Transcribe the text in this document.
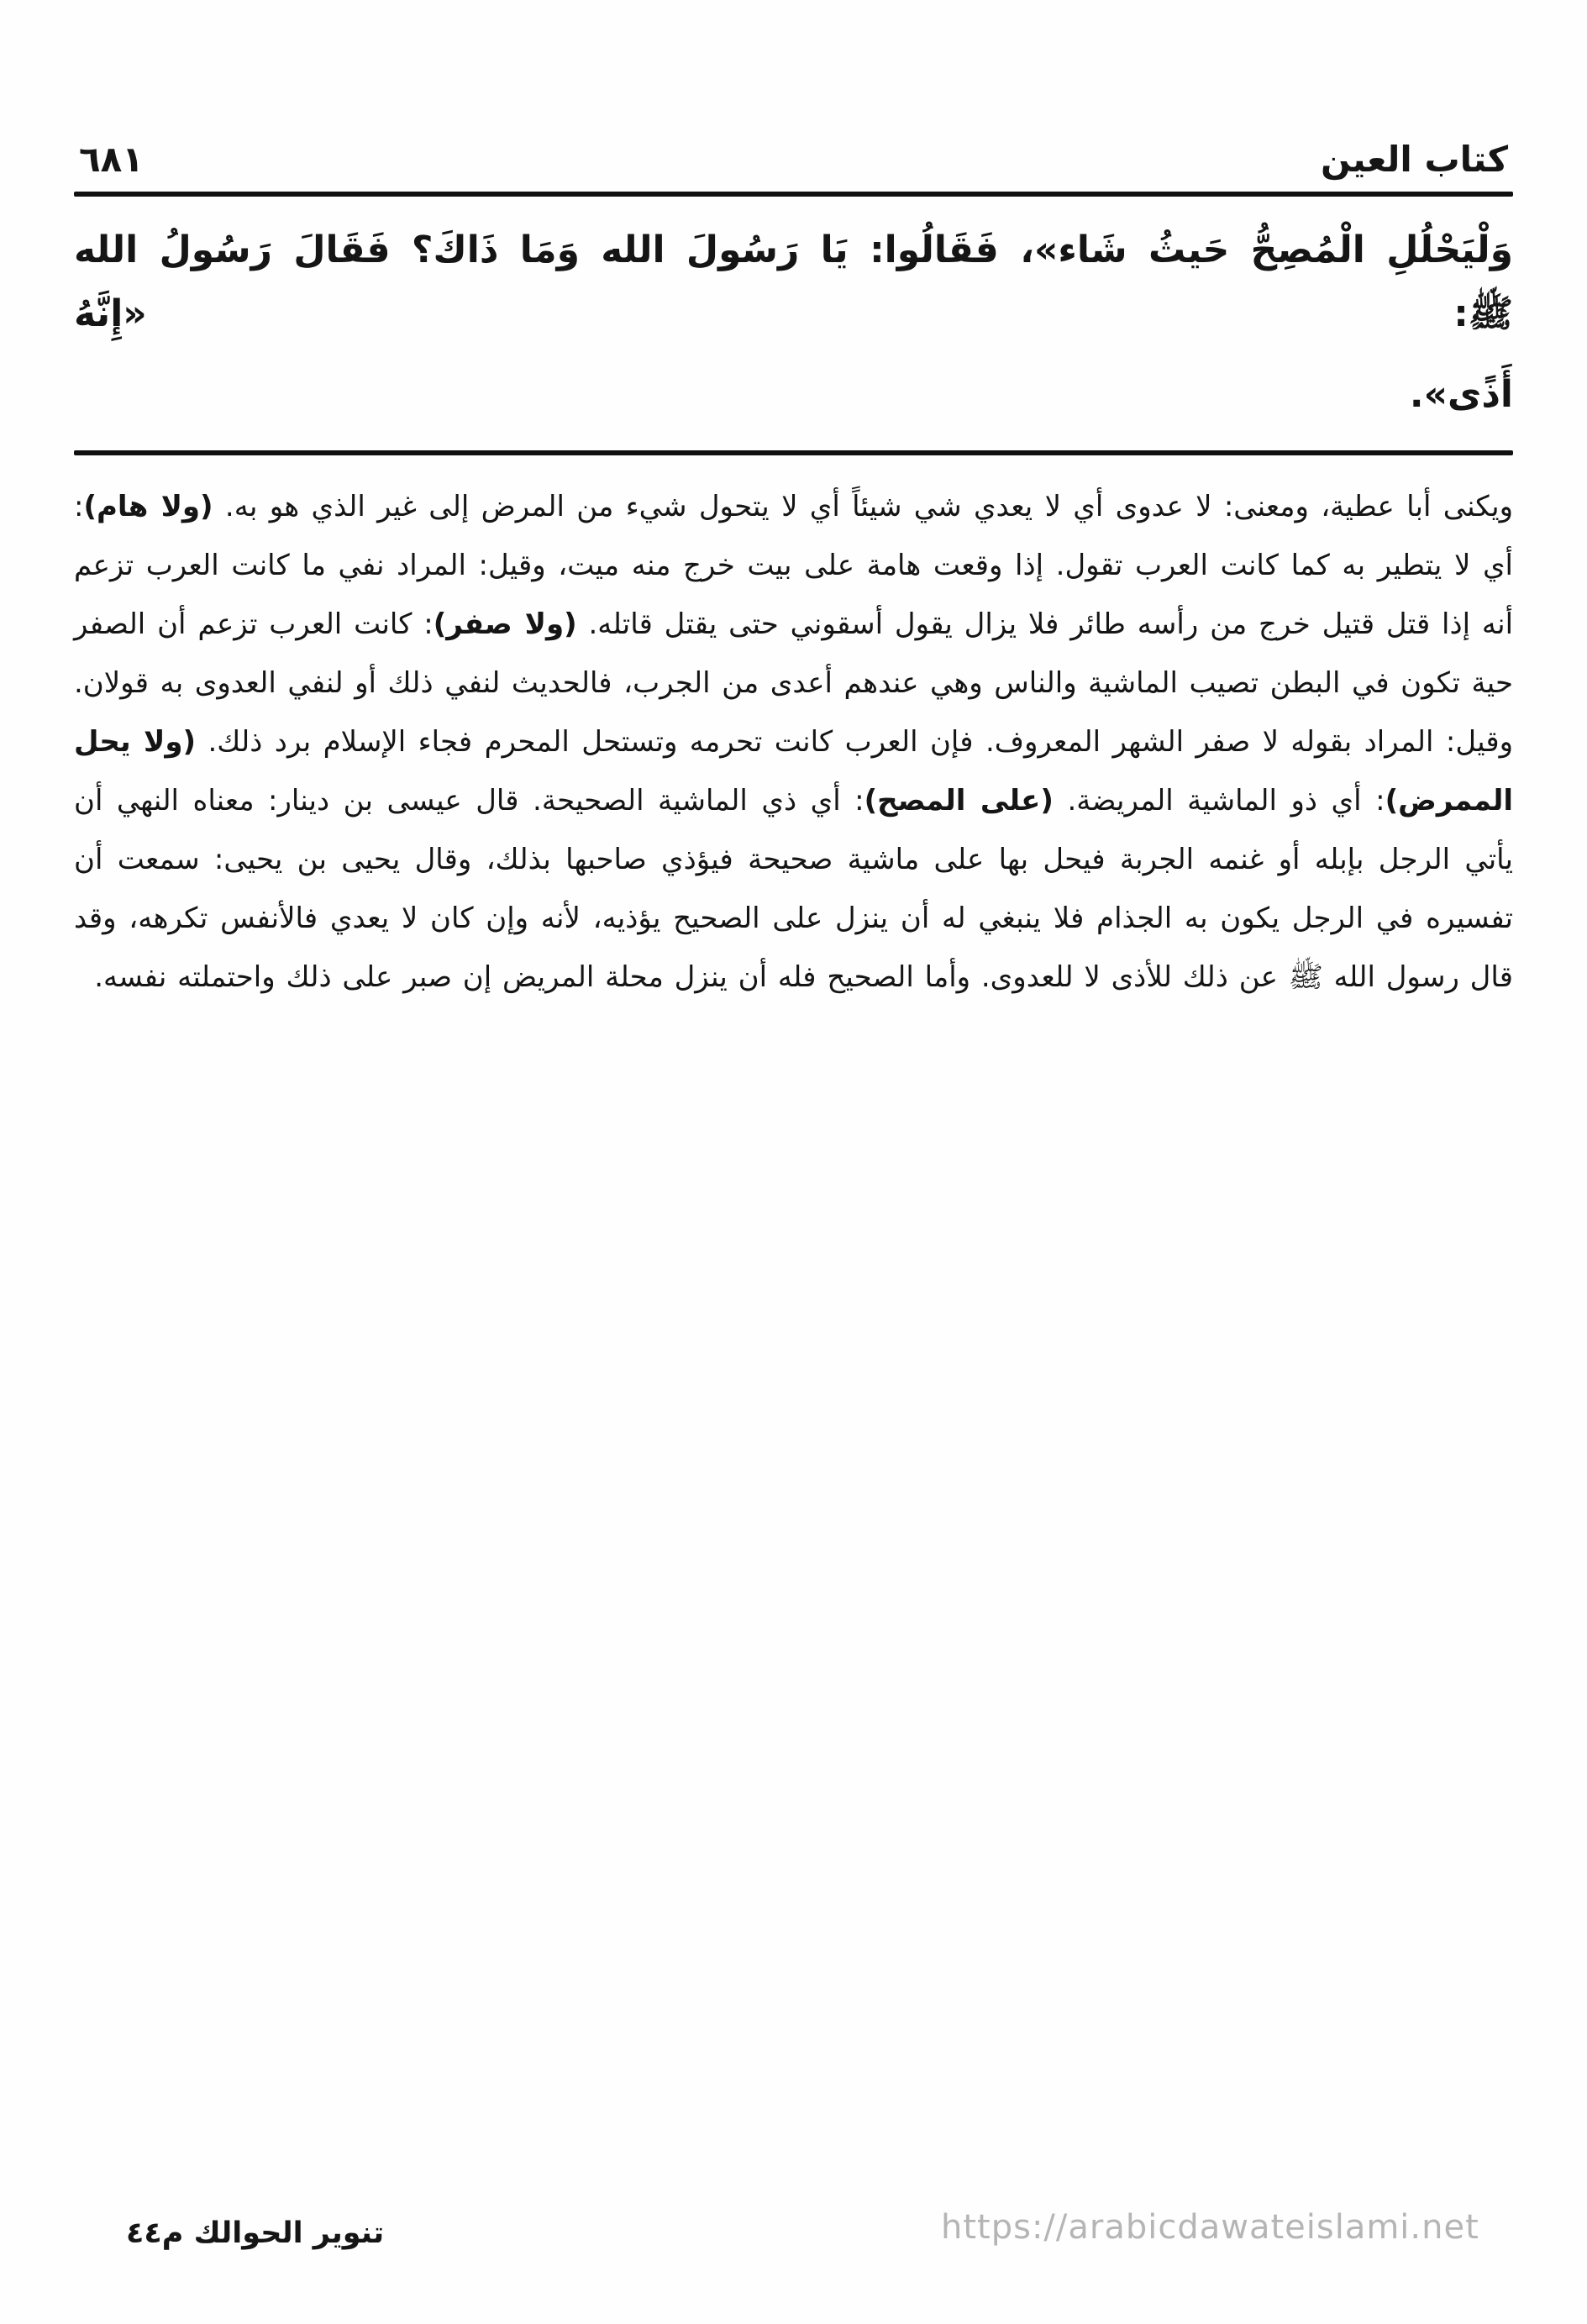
٦٨١	كتاب العين

وَلْيَحْلُلِ الْمُصِحُّ حَيثُ شَاء»، فَقَالُوا: يَا رَسُولَ الله وَمَا ذَاكَ؟ فَقَالَ رَسُولُ الله ﷺ: «إِنَّهُ

أَذًى».

ويكنى أبا عطية، ومعنى: لا عدوى أي لا يعدي شي شيئاً أي لا يتحول شيء من المرض إلى غير الذي هو به. (ولا هام): أي لا يتطير به كما كانت العرب تقول. إذا وقعت هامة على بيت خرج منه ميت، وقيل: المراد نفي ما كانت العرب تزعم أنه إذا قتل قتيل خرج من رأسه طائر فلا يزال يقول أسقوني حتى يقتل قاتله. (ولا صفر): كانت العرب تزعم أن الصفر حية تكون في البطن تصيب الماشية والناس وهي عندهم أعدى من الجرب، فالحديث لنفي ذلك أو لنفي العدوى به قولان. وقيل: المراد بقوله لا صفر الشهر المعروف. فإن العرب كانت تحرمه وتستحل المحرم فجاء الإسلام برد ذلك. (ولا يحل الممرض): أي ذو الماشية المريضة. (على المصح): أي ذي الماشية الصحيحة. قال عيسى بن دينار: معناه النهي أن يأتي الرجل بإبله أو غنمه الجربة فيحل بها على ماشية صحيحة فيؤذي صاحبها بذلك، وقال يحيى بن يحيى: سمعت أن تفسيره في الرجل يكون به الجذام فلا ينبغي له أن ينزل على الصحيح يؤذيه، لأنه وإن كان لا يعدي فالأنفس تكرهه، وقد قال رسول الله ﷺ عن ذلك للأذى لا للعدوى. وأما الصحيح فله أن ينزل محلة المريض إن صبر على ذلك واحتملته نفسه.

تنوير الحوالك م٤٤	https://arabicdawateislami.net
